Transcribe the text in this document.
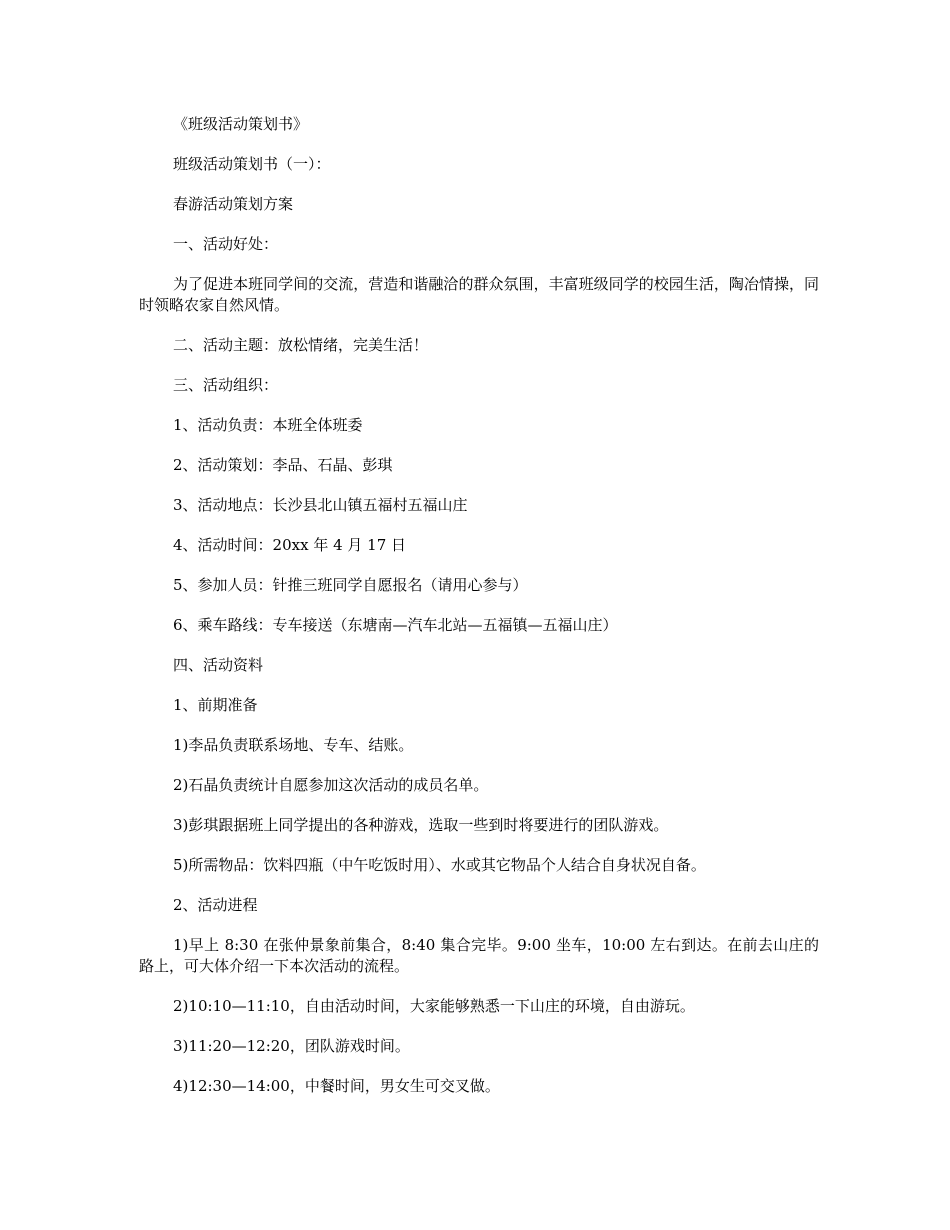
《班级活动策划书》

班级活动策划书（一）：

春游活动策划方案

一、活动好处：

为了促进本班同学间的交流，营造和谐融洽的群众氛围，丰富班级同学的校园生活，陶冶情操，同时领略农家自然风情。

二、活动主题：放松情绪，完美生活！

三、活动组织：

1、活动负责：本班全体班委

2、活动策划：李品、石晶、彭琪

3、活动地点：长沙县北山镇五福村五福山庄

4、活动时间：20xx 年 4 月 17 日

5、参加人员：针推三班同学自愿报名（请用心参与）

6、乘车路线：专车接送（东塘南—汽车北站—五福镇—五福山庄）

四、活动资料

1、前期准备

1)李品负责联系场地、专车、结账。

2)石晶负责统计自愿参加这次活动的成员名单。

3)彭琪跟据班上同学提出的各种游戏，选取一些到时将要进行的团队游戏。

5)所需物品：饮料四瓶（中午吃饭时用）、水或其它物品个人结合自身状况自备。

2、活动进程

1)早上 8:30 在张仲景象前集合，8:40 集合完毕。9:00 坐车，10:00 左右到达。在前去山庄的路上，可大体介绍一下本次活动的流程。

2)10:10—11:10，自由活动时间，大家能够熟悉一下山庄的环境，自由游玩。

3)11:20—12:20，团队游戏时间。

4)12:30—14:00，中餐时间，男女生可交叉做。
